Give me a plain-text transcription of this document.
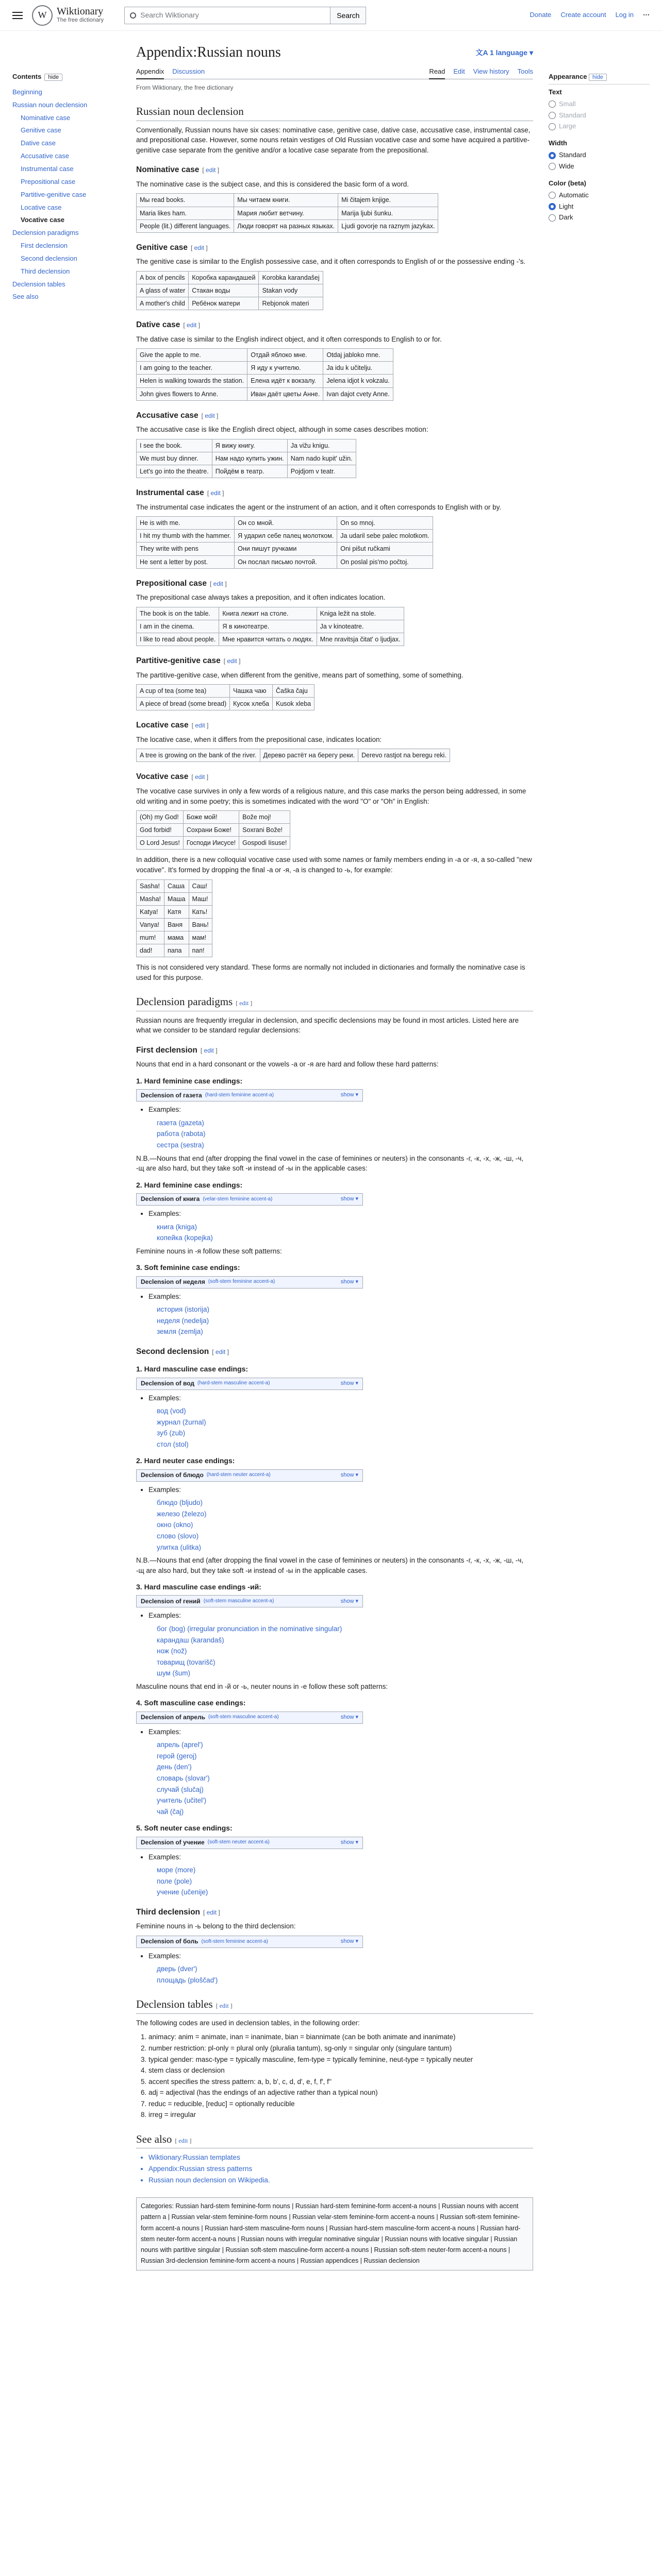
W Wiktionary
The free dictionary
Search Wiktionary	Search	Donate Create account Log in ⋯
Contents hide
Beginning
Russian noun declension
Nominative case
Genitive case
Dative case
Accusative case
Instrumental case
Prepositional case
Partitive-genitive case
Locative case
Vocative case
Declension paradigms
First declension
Second declension
Third declension
Declension tables
See also
Appendix:Russian nouns	文A 1 language ▾
Appendix Discussion	Read Edit View history Tools
From Wiktionary, the free dictionary
Russian noun declension

Conventionally, Russian nouns have six cases: nominative case, genitive case, dative case, accusative case, instrumental case, and prepositional case. However, some nouns retain vestiges of Old Russian vocative case and some have acquired a partitive-genitive case separate from the genitive and/or a locative case separate from the prepositional.

Nominative case [ edit ]

The nominative case is the subject case, and this is considered the basic form of a word.

Мы read books.	Мы читаем книги.	Mi čitajem knjige.
Maria likes ham.	Мария любит ветчину.	Marija ljubi šunku.
People (lit.) different languages.	Люди говорят на разных языках.	Ljudi govorje na raznym jazykax.
Genitive case [ edit ]

The genitive case is similar to the English possessive case, and it often corresponds to English of or the possessive ending -'s.

A box of pencils	Коробка карандашей	Korobka karandašej
A glass of water	Стакан воды	Stakan vody
A mother's child	Ребёнок матери	Rebjonok materi
Dative case [ edit ]

The dative case is similar to the English indirect object, and it often corresponds to English to or for.

Give the apple to me.	Отдай яблоко мне.	Otdaj jabloko mne.
I am going to the teacher.	Я иду к учителю.	Ja idu k učitelju.
Helen is walking towards the station.	Елена идёт к вокзалу.	Jelena idjot k vokzalu.
John gives flowers to Anne.	Иван даёт цветы Анне.	Ivan dajot cvety Anne.
Accusative case [ edit ]

The accusative case is like the English direct object, although in some cases describes motion:

I see the book.	Я вижу книгу.	Ja vižu knigu.
We must buy dinner.	Нам надо купить ужин.	Nam nado kupit' užin.
Let's go into the theatre.	Пойдём в театр.	Pojdjom v teatr.
Instrumental case [ edit ]

The instrumental case indicates the agent or the instrument of an action, and it often corresponds to English with or by.

He is with me.	Он со мной.	On so mnoj.
I hit my thumb with the hammer.	Я ударил себе палец молотком.	Ja udaril sebe palec molotkom.
They write with pens	Они пишут ручками	Oni pišut ručkami
He sent a letter by post.	Он послал письмо почтой.	On poslal pis'mo počtoj.
Prepositional case [ edit ]

The prepositional case always takes a preposition, and it often indicates location.

The book is on the table.	Книга лежит на столе.	Kniga ležit na stole.
I am in the cinema.	Я в кинотеатре.	Ja v kinoteatre.
I like to read about people.	Мне нравится читать о людях.	Mne nravitsja čitat' o ljudjax.
Partitive-genitive case [ edit ]

The partitive-genitive case, when different from the genitive, means part of something, some of something.

A cup of tea (some tea)	Чашка чаю	Čaška čaju
A piece of bread (some bread)	Кусок хлеба	Kusok xleba
Locative case [ edit ]

The locative case, when it differs from the prepositional case, indicates location:

A tree is growing on the bank of the river.	Дерево растёт на берегу реки.	Derevo rastjot na beregu reki.
Vocative case [ edit ]

The vocative case survives in only a few words of a religious nature, and this case marks the person being addressed, in some old writing and in some poetry; this is sometimes indicated with the word "O" or "Oh" in English:

(Oh) my God!	Боже мой!	Bože moj!
God forbid!	Сохрани Боже!	Soxrani Bože!
O Lord Jesus!	Господи Иисусе!	Gospodi Iisuse!

In addition, there is a new colloquial vocative case used with some names or family members ending in -а or -я, a so-called "new vocative". It's formed by dropping the final -а or -я, -а is changed to -ь, for example:

Sasha!	Саша	Саш!
Masha!	Маша	Маш!
Katya!	Катя	Кать!
Vanya!	Ваня	Вань!
mum!	мама	мам!
dad!	папа	пап!

This is not considered very standard. These forms are normally not included in dictionaries and formally the nominative case is used for this purpose.

Declension paradigms [ edit ]

Russian nouns are frequently irregular in declension, and specific declensions may be found in most articles. Listed here are what we consider to be standard regular declensions:

First declension [ edit ]

Nouns that end in a hard consonant or the vowels -а or -я are hard and follow these hard patterns:

1. Hard feminine case endings:
Declension of газета (hard-stem feminine accent-a)	show ▾
• Examples:
газета (gazeta)
работа (rabota)
сестра (sestra)

N.B.—Nouns that end (after dropping the final vowel in the case of feminines or neuters) in the consonants -г, -к, -х, -ж, -ш, -ч, -щ are also hard, but they take soft -и instead of -ы in the applicable cases:

2. Hard feminine case endings:
Declension of книга (velar-stem feminine accent-a)	show ▾
• Examples:
книга (kniga)
копейка (kopejka)

Feminine nouns in -я follow these soft patterns:

3. Soft feminine case endings:
Declension of неделя (soft-stem feminine accent-a)	show ▾
• Examples:
история (istorija)
неделя (nedelja)
земля (zemlja)
Second declension [ edit ]
1. Hard masculine case endings:
Declension of вод (hard-stem masculine accent-a)	show ▾
• Examples:
вод (vod)
журнал (žurnal)
зуб (zub)
стол (stol)
2. Hard neuter case endings:
Declension of блюдо (hard-stem neuter accent-a)	show ▾
• Examples:
блюдо (bljudo)
железо (železo)
окно (okno)
слово (slovo)
улитка (ulitka)

N.B.—Nouns that end (after dropping the final vowel in the case of feminines or neuters) in the consonants -г, -к, -х, -ж, -ш, -ч, -щ are also hard, but they take soft -и instead of -ы in the applicable cases.

3. Hard masculine case endings -ий:
Declension of гений (soft-stem masculine accent-a)	show ▾
• Examples:
бог (bog) (irregular pronunciation in the nominative singular)
карандаш (karandaš)
нож (nož)
товарищ (tovarišč)
шум (šum)

Masculine nouns that end in -й or -ь, neuter nouns in -е follow these soft patterns:

4. Soft masculine case endings:
Declension of апрель (soft-stem masculine accent-a)	show ▾
• Examples:
апрель (aprel')
герой (geroj)
день (den')
словарь (slovar')
случай (slučaj)
учитель (učitel')
чай (čaj)
5. Soft neuter case endings:
Declension of учение (soft-stem neuter accent-a)	show ▾
• Examples:
море (more)
поле (pole)
учение (učenije)
Third declension [ edit ]

Feminine nouns in -ь belong to the third declension:

Declension of боль (soft-stem feminine accent-a)	show ▾
• Examples:
дверь (dver')
площадь (ploščad')
Declension tables [ edit ]

The following codes are used in declension tables, in the following order:

1. animacy: anim = animate, inan = inanimate, bian = biannimate (can be both animate and inanimate)
2. number restriction: pl-only = plural only (pluralia tantum), sg-only = singular only (singulare tantum)
3. typical gender: masc-type = typically masculine, fem-type = typically feminine, neut-type = typically neuter
4. stem class or declension
5. accent specifies the stress pattern: a, b, b', c, d, d', e, f, f', f''
6. adj = adjectival (has the endings of an adjective rather than a typical noun)
7. reduc = reducible, [reduc] = optionally reducible
8. irreg = irregular
See also [ edit ]
• Wiktionary:Russian templates
• Appendix:Russian stress patterns
• Russian noun declension on Wikipedia.
Categories: Russian hard-stem feminine-form nouns | Russian hard-stem feminine-form accent-a nouns | Russian nouns with accent pattern a | Russian velar-stem feminine-form nouns | Russian velar-stem feminine-form accent-a nouns | Russian soft-stem feminine-form accent-a nouns | Russian hard-stem masculine-form nouns | Russian hard-stem masculine-form accent-a nouns | Russian hard-stem neuter-form accent-a nouns | Russian nouns with irregular nominative singular | Russian nouns with locative singular | Russian nouns with partitive singular | Russian soft-stem masculine-form accent-a nouns | Russian soft-stem neuter-form accent-a nouns | Russian 3rd-declension feminine-form accent-a nouns | Russian appendices | Russian declension
Appearance hide
Text
Small
Standard
Large
Width
Standard
Wide
Color (beta)
Automatic
Light
Dark
